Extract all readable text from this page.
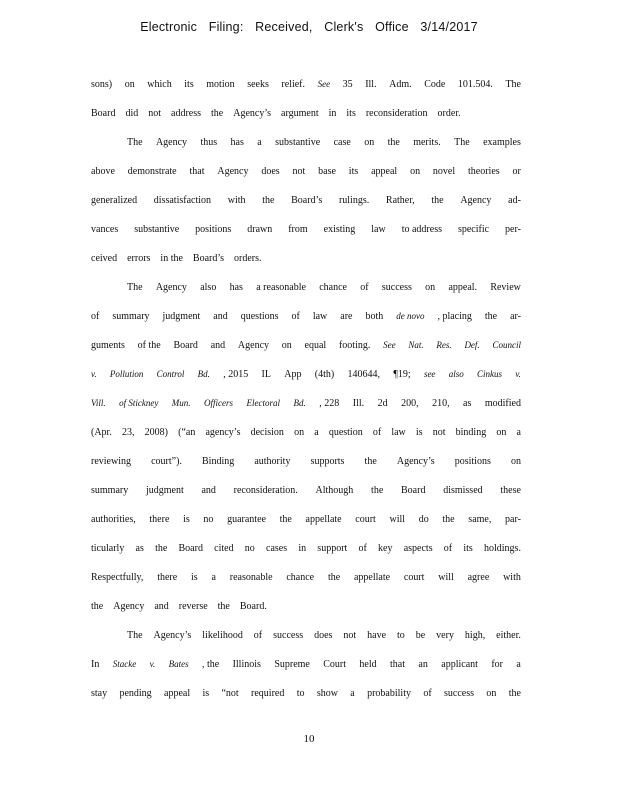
Electronic Filing: Received, Clerk's Office 3/14/2017
sons) on which its motion seeks relief. See 35 Ill. Adm. Code 101.504. The
Board did not address the Agency’s argument in its reconsideration order.
The Agency thus has a substantive case on the merits. The examples
above demonstrate that Agency does not base its appeal on novel theories or
generalized dissatisfaction with the Board’s rulings. Rather, the Agency ad-
vances substantive positions drawn from existing law to address specific per-
ceived errors in the Board’s orders.
The Agency also has a reasonable chance of success on appeal. Review
of summary judgment and questions of law are both de novo , placing the ar-
guments of the Board and Agency on equal footing. See Nat. Res. Def. Council
v. Pollution Control Bd. , 2015 IL App (4th) 140644, ¶19; see also Cinkus v.
Vill. of Stickney Mun. Officers Electoral Bd. , 228 Ill. 2d 200, 210, as modified
(Apr. 23, 2008) (“an agency’s decision on a question of law is not binding on a
reviewing court”). Binding authority supports the Agency’s positions on
summary judgment and reconsideration. Although the Board dismissed these
authorities, there is no guarantee the appellate court will do the same, par-
ticularly as the Board cited no cases in support of key aspects of its holdings.
Respectfully, there is a reasonable chance the appellate court will agree with
the Agency and reverse the Board.
The Agency’s likelihood of success does not have to be very high, either.
In Stacke v. Bates , the Illinois Supreme Court held that an applicant for a
stay pending appeal is “not required to show a probability of success on the
10
